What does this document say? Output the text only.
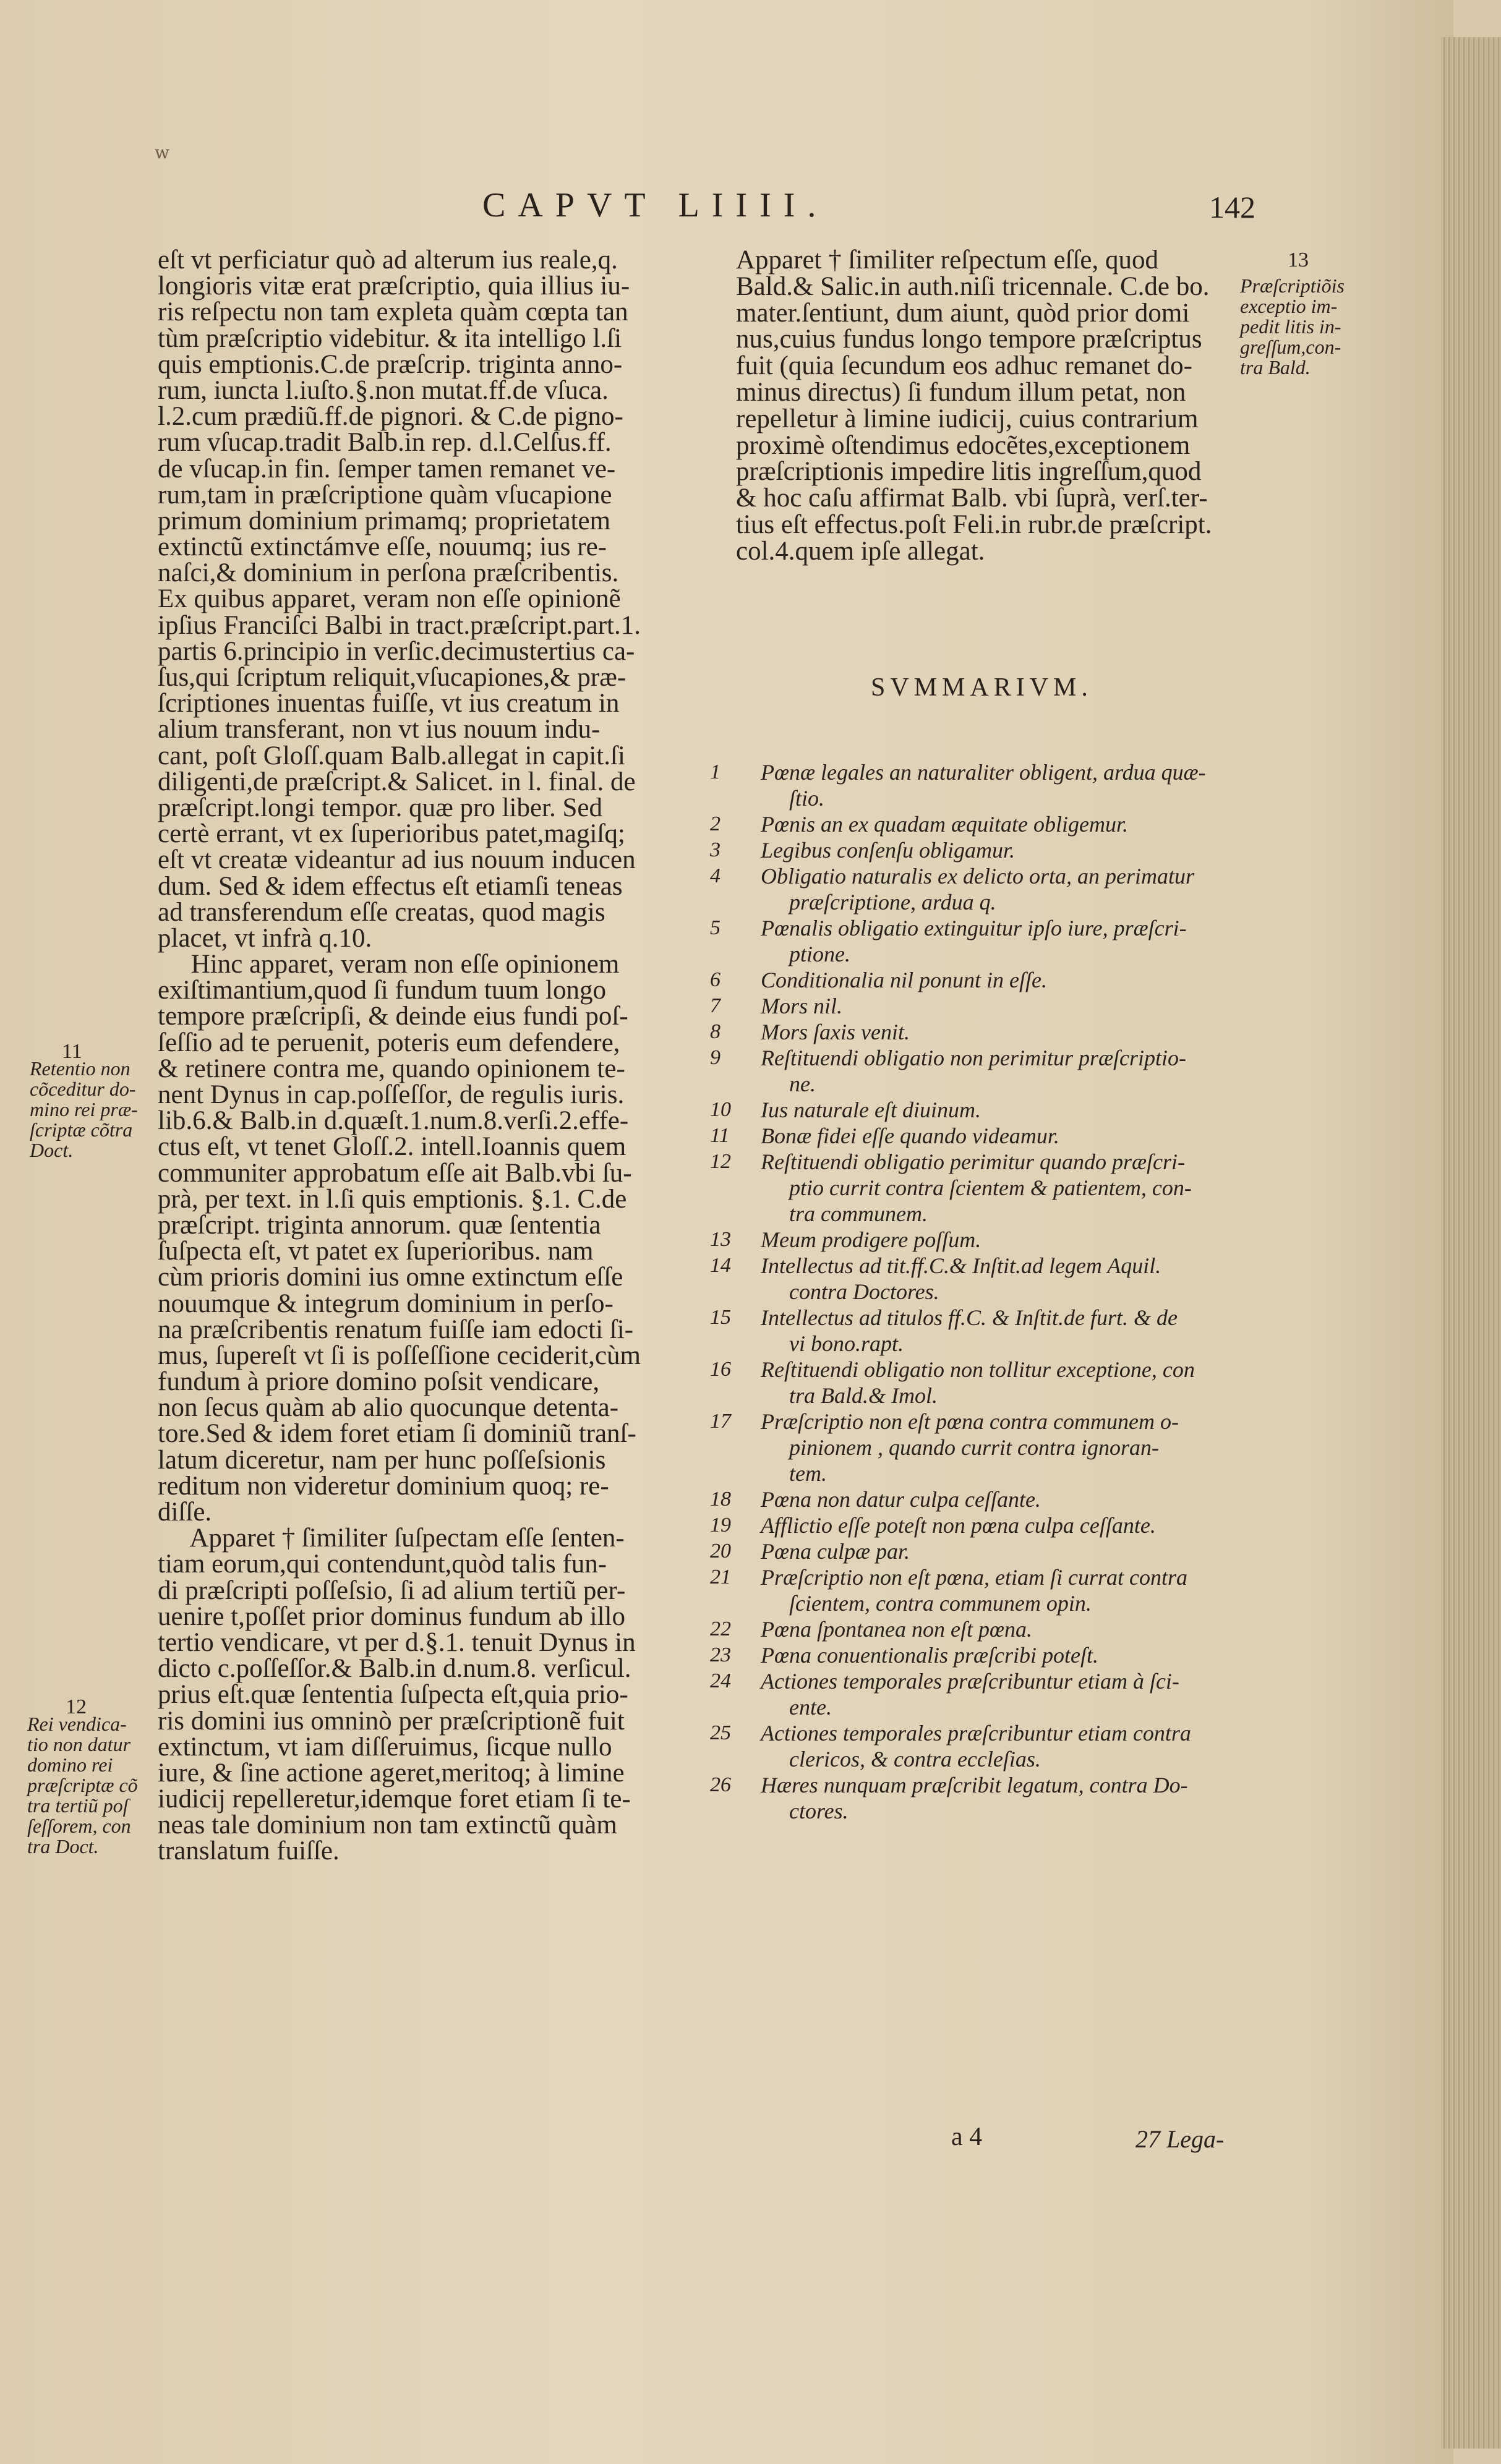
w
CAPVT LIIII.	142
eſt vt perficiatur quò ad alterum ius reale,q.
longioris vitæ erat præſcriptio, quia illius iu-
ris reſpectu non tam expleta quàm cœpta tan
tùm præſcriptio videbitur. & ita intelligo l.ſi
quis emptionis.C.de præſcrip. triginta anno-
rum, iuncta l.iuſto.§.non mutat.ff.de vſuca.
l.2.cum prædiũ.ff.de pignori. & C.de pigno-
rum vſucap.tradit Balb.in rep. d.l.Celſus.ff.
de vſucap.in fin. ſemper tamen remanet ve-
rum,tam in præſcriptione quàm vſucapione
primum dominium primamq; proprietatem
extinctũ extinctámve eſſe, nouumq; ius re-
naſci,& dominium in perſona præſcribentis.
Ex quibus apparet, veram non eſſe opinionẽ
ipſius Franciſci Balbi in tract.præſcript.part.1.
partis 6.principio in verſic.decimustertius ca-
ſus,qui ſcriptum reliquit,vſucapiones,& præ-
ſcriptiones inuentas fuiſſe, vt ius creatum in
alium transferant, non vt ius nouum indu-
cant, poſt Gloſſ.quam Balb.allegat in capit.ſi
diligenti,de præſcript.& Salicet. in l. final. de
præſcript.longi tempor. quæ pro liber. Sed
certè errant, vt ex ſuperioribus patet,magiſq;
eſt vt creatæ videantur ad ius nouum inducen
dum. Sed & idem effectus eſt etiamſi teneas
ad transferendum eſſe creatas, quod magis
placet, vt infrà q.10.
Hinc apparet, veram non eſſe opinionem
exiſtimantium,quod ſi fundum tuum longo
tempore præſcripſi, & deinde eius fundi poſ-
ſeſſio ad te peruenit, poteris eum defendere,
& retinere contra me, quando opinionem te-
nent Dynus in cap.poſſeſſor, de regulis iuris.
lib.6.& Balb.in d.quæſt.1.num.8.verſi.2.effe-
ctus eſt, vt tenet Gloſſ.2. intell.Ioannis quem
communiter approbatum eſſe ait Balb.vbi ſu-
prà, per text. in l.ſi quis emptionis. §.1. C.de
præſcript. triginta annorum. quæ ſententia
ſuſpecta eſt, vt patet ex ſuperioribus. nam
cùm prioris domini ius omne extinctum eſſe
nouumque & integrum dominium in perſo-
na præſcribentis renatum fuiſſe iam edocti ſi-
mus, ſupereſt vt ſi is poſſeſſione ceciderit,cùm
fundum à priore domino poſsit vendicare,
non ſecus quàm ab alio quocunque detenta-
tore.Sed & idem foret etiam ſi dominiũ tranſ-
latum diceretur, nam per hunc poſſeſsionis
reditum non videretur dominium quoq; re-
diſſe.
Apparet † ſimiliter ſuſpectam eſſe ſenten-
tiam eorum,qui contendunt,quòd talis fun-
di præſcripti poſſeſsio, ſi ad alium tertiũ per-
uenire t,poſſet prior dominus fundum ab illo
tertio vendicare, vt per d.§.1. tenuit Dynus in
dicto c.poſſeſſor.& Balb.in d.num.8. verſicul.
prius eſt.quæ ſententia ſuſpecta eſt,quia prio-
ris domini ius omninò per præſcriptionẽ fuit
extinctum, vt iam diſſeruimus, ſicque nullo
iure, & ſine actione ageret,meritoq; à limine
iudicij repelleretur,idemque foret etiam ſi te-
neas tale dominium non tam extinctũ quàm
translatum fuiſſe.
Apparet † ſimiliter reſpectum eſſe, quod
Bald.& Salic.in auth.niſi tricennale. C.de bo.
mater.ſentiunt, dum aiunt, quòd prior domi
nus,cuius fundus longo tempore præſcriptus
fuit (quia ſecundum eos adhuc remanet do-
minus directus) ſi fundum illum petat, non
repelletur à limine iudicij, cuius contrarium
proximè oſtendimus edocẽtes,exceptionem
præſcriptionis impedire litis ingreſſum,quod
& hoc caſu affirmat Balb. vbi ſuprà, verſ.ter-
tius eſt effectus.poſt Feli.in rubr.de præſcript.
col.4.quem ipſe allegat.
11
Retentio non
cõceditur do-
mino rei præ-
ſcriptæ cõtra
Doct.
12
Rei vendica-
tio non datur
domino rei
præſcriptæ cõ
tra tertiũ poſ
ſeſſorem, con
tra Doct.
13
Præſcriptiõis
exceptio im-
pedit litis in-
greſſum,con-
tra Bald.
SVMMARIVM.
1	Pœnæ legales an naturaliter obligent, ardua quæ-
ſtio.
2	Pœnis an ex quadam æquitate obligemur.
3	Legibus conſenſu obligamur.
4	Obligatio naturalis ex delicto orta, an perimatur
præſcriptione, ardua q.
5	Pœnalis obligatio extinguitur ipſo iure, præſcri-
ptione.
6	Conditionalia nil ponunt in eſſe.
7	Mors nil.
8	Mors ſaxis venit.
9	Reſtituendi obligatio non perimitur præſcriptio-
ne.
10	Ius naturale eſt diuinum.
11	Bonæ fidei eſſe quando videamur.
12	Reſtituendi obligatio perimitur quando præſcri-
ptio currit contra ſcientem & patientem, con-
tra communem.
13	Meum prodigere poſſum.
14	Intellectus ad tit.ff.C.& Inſtit.ad legem Aquil.
contra Doctores.
15	Intellectus ad titulos ff.C. & Inſtit.de furt. & de
vi bono.rapt.
16	Reſtituendi obligatio non tollitur exceptione, con
tra Bald.& Imol.
17	Præſcriptio non eſt pœna contra communem o-
pinionem , quando currit contra ignoran-
tem.
18	Pœna non datur culpa ceſſante.
19	Afflictio eſſe poteſt non pœna culpa ceſſante.
20	Pœna culpæ par.
21	Præſcriptio non eſt pœna, etiam ſi currat contra
ſcientem, contra communem opin.
22	Pœna ſpontanea non eſt pœna.
23	Pœna conuentionalis præſcribi poteſt.
24	Actiones temporales præſcribuntur etiam à ſci-
ente.
25	Actiones temporales præſcribuntur etiam contra
clericos, & contra eccleſias.
26	Hæres nunquam præſcribit legatum, contra Do-
ctores.
a 4	27 Lega-
